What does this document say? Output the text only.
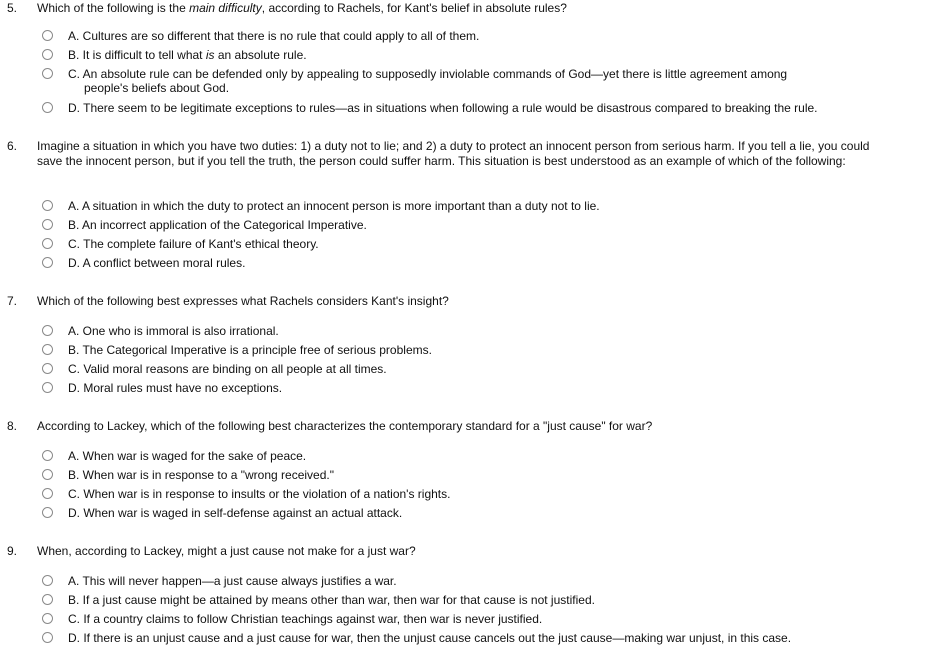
5. Which of the following is the main difficulty, according to Rachels, for Kant's belief in absolute rules?
A. Cultures are so different that there is no rule that could apply to all of them.
B. It is difficult to tell what is an absolute rule.
C. An absolute rule can be defended only by appealing to supposedly inviolable commands of God—yet there is little agreement among
people's beliefs about God.
D. There seem to be legitimate exceptions to rules—as in situations when following a rule would be disastrous compared to breaking the rule.
6. Imagine a situation in which you have two duties: 1) a duty not to lie; and 2) a duty to protect an innocent person from serious harm. If you tell a lie, you could save the innocent person, but if you tell the truth, the person could suffer harm. This situation is best understood as an example of which of the following:
A. A situation in which the duty to protect an innocent person is more important than a duty not to lie.
B. An incorrect application of the Categorical Imperative.
C. The complete failure of Kant's ethical theory.
D. A conflict between moral rules.
7. Which of the following best expresses what Rachels considers Kant's insight?
A. One who is immoral is also irrational.
B. The Categorical Imperative is a principle free of serious problems.
C. Valid moral reasons are binding on all people at all times.
D. Moral rules must have no exceptions.
8. According to Lackey, which of the following best characterizes the contemporary standard for a "just cause" for war?
A. When war is waged for the sake of peace.
B. When war is in response to a "wrong received."
C. When war is in response to insults or the violation of a nation's rights.
D. When war is waged in self-defense against an actual attack.
9. When, according to Lackey, might a just cause not make for a just war?
A. This will never happen—a just cause always justifies a war.
B. If a just cause might be attained by means other than war, then war for that cause is not justified.
C. If a country claims to follow Christian teachings against war, then war is never justified.
D. If there is an unjust cause and a just cause for war, then the unjust cause cancels out the just cause—making war unjust, in this case.
